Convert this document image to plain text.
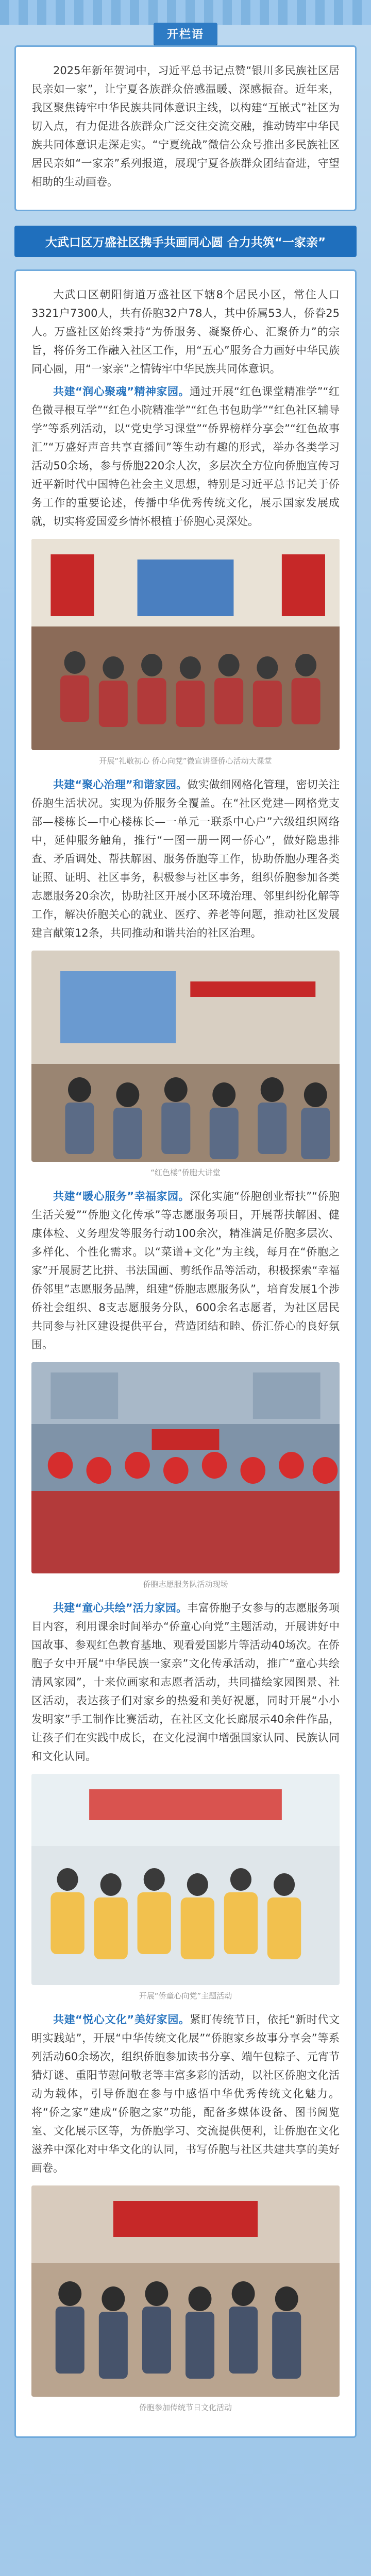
开栏语

2025年新年贺词中，习近平总书记点赞“银川多民族社区居民亲如一家”，让宁夏各族群众倍感温暖、深感振奋。近年来，我区聚焦铸牢中华民族共同体意识主线，以构建“互嵌式”社区为切入点，有力促进各族群众广泛交往交流交融，推动铸牢中华民族共同体意识走深走实。“宁夏统战”微信公众号推出多民族社区居民亲如“一家亲”系列报道，展现宁夏各族群众团结奋进，守望相助的生动画卷。

大武口区万盛社区携手共画同心圆 合力共筑“一家亲”

大武口区朝阳街道万盛社区下辖8个居民小区，常住人口3321户7300人，共有侨胞32户78人，其中侨属53人，侨眷25人。万盛社区始终秉持“为侨服务、凝聚侨心、汇聚侨力”的宗旨，将侨务工作融入社区工作，用“五心”服务合力画好中华民族同心圆，用“一家亲”之情铸牢中华民族共同体意识。

共建“润心聚魂”精神家园。通过开展“红色课堂精准学”“红色微寻根互学”“红色小院精准学”“红色书包助学”“红色社区辅导学”等系列活动，以“党史学习课堂”“侨界榜样分享会”“红色故事汇”“万盛好声音共享直播间”等生动有趣的形式，举办各类学习活动50余场，参与侨胞220余人次，多层次全方位向侨胞宣传习近平新时代中国特色社会主义思想，特别是习近平总书记关于侨务工作的重要论述，传播中华优秀传统文化，展示国家发展成就，切实将爱国爱乡情怀根植于侨胞心灵深处。

开展“礼敬初心 侨心向党”微宣讲暨侨心活动大课堂

共建“聚心治理”和谐家园。做实做细网格化管理，密切关注侨胞生活状况。实现为侨服务全覆盖。在“社区党建—网格党支部—楼栋长—中心楼栋长—一单元一联系中心户”六级组织网络中，延伸服务触角，推行“一图一册一网一侨心”，做好隐患排查、矛盾调处、帮扶解困、服务侨胞等工作，协助侨胞办理各类证照、证明、社区事务，积极参与社区事务，组织侨胞参加各类志愿服务20余次，协助社区开展小区环境治理、邻里纠纷化解等工作，解决侨胞关心的就业、医疗、养老等问题，推动社区发展建言献策12条，共同推动和谐共治的社区治理。

“红色楼”侨胞大讲堂

共建“暖心服务”幸福家园。深化实施“侨胞创业帮扶”“侨胞生活关爱”“侨胞文化传承”等志愿服务项目，开展帮扶解困、健康体检、义务理发等服务行动100余次，精准满足侨胞多层次、多样化、个性化需求。以“菜谱+文化”为主线，每月在“侨胞之家”开展厨艺比拼、书法国画、剪纸作品等活动，积极探索“幸福侨邻里”志愿服务品牌，组建“侨胞志愿服务队”，培育发展1个涉侨社会组织、8支志愿服务分队，600余名志愿者，为社区居民共同参与社区建设提供平台，营造团结和睦、侨汇侨心的良好氛围。

侨胞志愿服务队活动现场

共建“童心共绘”活力家园。丰富侨胞子女参与的志愿服务项目内容，利用课余时间举办“侨童心向党”主题活动，开展讲好中国故事、参观红色教育基地、观看爱国影片等活动40场次。在侨胞子女中开展“中华民族一家亲”文化传承活动，推广“童心共绘清风家园”，十来位画家和志愿者活动，共同描绘家园图景、社区活动，表达孩子们对家乡的热爱和美好祝愿，同时开展“小小发明家”手工制作比赛活动，在社区文化长廊展示40余件作品，让孩子们在实践中成长，在文化浸润中增强国家认同、民族认同和文化认同。

开展“侨童心向党”主题活动

共建“悦心文化”美好家园。紧盯传统节日，依托“新时代文明实践站”，开展“中华传统文化展”“侨胞家乡故事分享会”等系列活动60余场次，组织侨胞参加读书分享、端午包粽子、元宵节猜灯谜、重阳节慰问敬老等丰富多彩的活动，以社区侨胞文化活动为载体，引导侨胞在参与中感悟中华优秀传统文化魅力。将“侨之家”建成“侨胞之家”功能，配备多媒体设备、图书阅览室、文化展示区等，为侨胞学习、交流提供便利，让侨胞在文化滋养中深化对中华文化的认同，书写侨胞与社区共建共享的美好画卷。

侨胞参加传统节日文化活动
